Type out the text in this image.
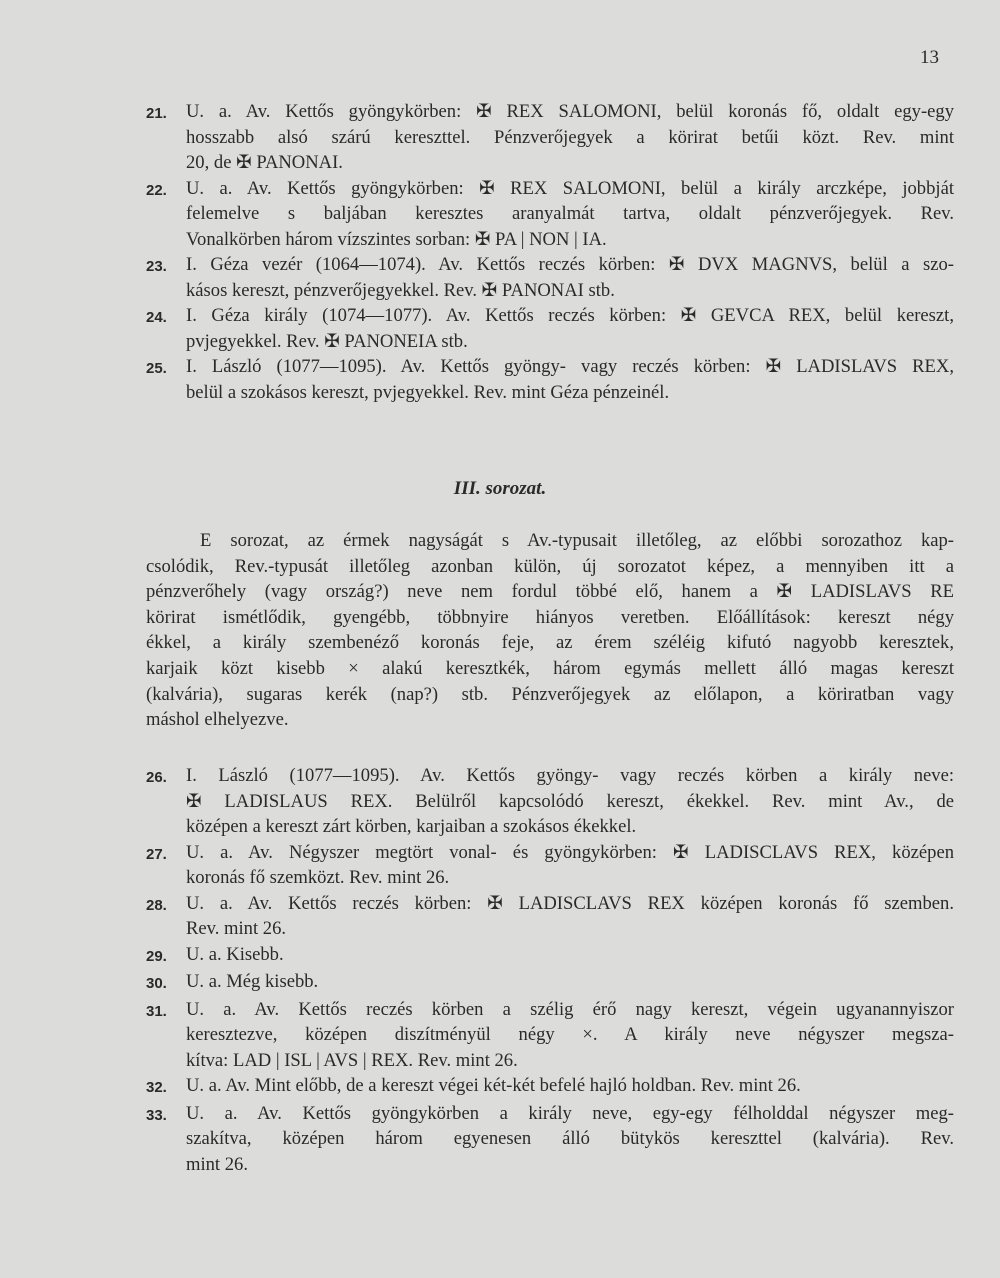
13
21.	U. a. Av. Kettős gyöngykörben: ✠ REX SALOMONI, belül koronás fő, oldalt egy-egy
hosszabb alsó szárú kereszttel. Pénzverőjegyek a körirat betűi közt. Rev. mint
20, de ✠ PANONAI.
22.	U. a. Av. Kettős gyöngykörben: ✠ REX SALOMONI, belül a király arczképe, jobbját
felemelve s baljában keresztes aranyalmát tartva, oldalt pénzverőjegyek. Rev.
Vonalkörben három vízszintes sorban: ✠ PA | NON | IA.
23.	I. Géza vezér (1064—1074). Av. Kettős reczés körben: ✠ DVX MAGNVS, belül a szo-
kásos kereszt, pénzverőjegyekkel. Rev. ✠ PANONAI stb.
24.	I. Géza király (1074—1077). Av. Kettős reczés körben: ✠ GEVCA REX, belül kereszt,
pvjegyekkel. Rev. ✠ PANONEIA stb.
25.	I. László (1077—1095). Av. Kettős gyöngy- vagy reczés körben: ✠ LADISLAVS REX,
belül a szokásos kereszt, pvjegyekkel. Rev. mint Géza pénzeinél.
III. sorozat.
E sorozat, az érmek nagyságát s Av.-typusait illetőleg, az előbbi sorozathoz kap-
csolódik, Rev.-typusát illetőleg azonban külön, új sorozatot képez, a mennyiben itt a
pénzverőhely (vagy ország?) neve nem fordul többé elő, hanem a ✠ LADISLAVS RE
körirat ismétlődik, gyengébb, többnyire hiányos veretben. Előállítások: kereszt négy
ékkel, a király szembenéző koronás feje, az érem széléig kifutó nagyobb keresztek,
karjaik közt kisebb × alakú keresztkék, három egymás mellett álló magas kereszt
(kalvária), sugaras kerék (nap?) stb. Pénzverőjegyek az előlapon, a köriratban vagy
máshol elhelyezve.
26.	I. László (1077—1095). Av. Kettős gyöngy- vagy reczés körben a király neve:
✠ LADISLAUS REX. Belülről kapcsolódó kereszt, ékekkel. Rev. mint Av., de
középen a kereszt zárt körben, karjaiban a szokásos ékekkel.
27.	U. a. Av. Négyszer megtört vonal- és gyöngykörben: ✠ LADISCLAVS REX, középen
koronás fő szemközt. Rev. mint 26.
28.	U. a. Av. Kettős reczés körben: ✠ LADISCLAVS REX középen koronás fő szemben.
Rev. mint 26.
29.	U. a. Kisebb.
30.	U. a. Még kisebb.
31.	U. a. Av. Kettős reczés körben a szélig érő nagy kereszt, végein ugyanannyiszor
keresztezve, középen diszítményül négy ×. A király neve négyszer megsza-
kítva: LAD | ISL | AVS | REX. Rev. mint 26.
32.	U. a. Av. Mint előbb, de a kereszt végei két-két befelé hajló holdban. Rev. mint 26.
33.	U. a. Av. Kettős gyöngykörben a király neve, egy-egy félholddal négyszer meg-
szakítva, középen három egyenesen álló bütykös kereszttel (kalvária). Rev.
mint 26.
